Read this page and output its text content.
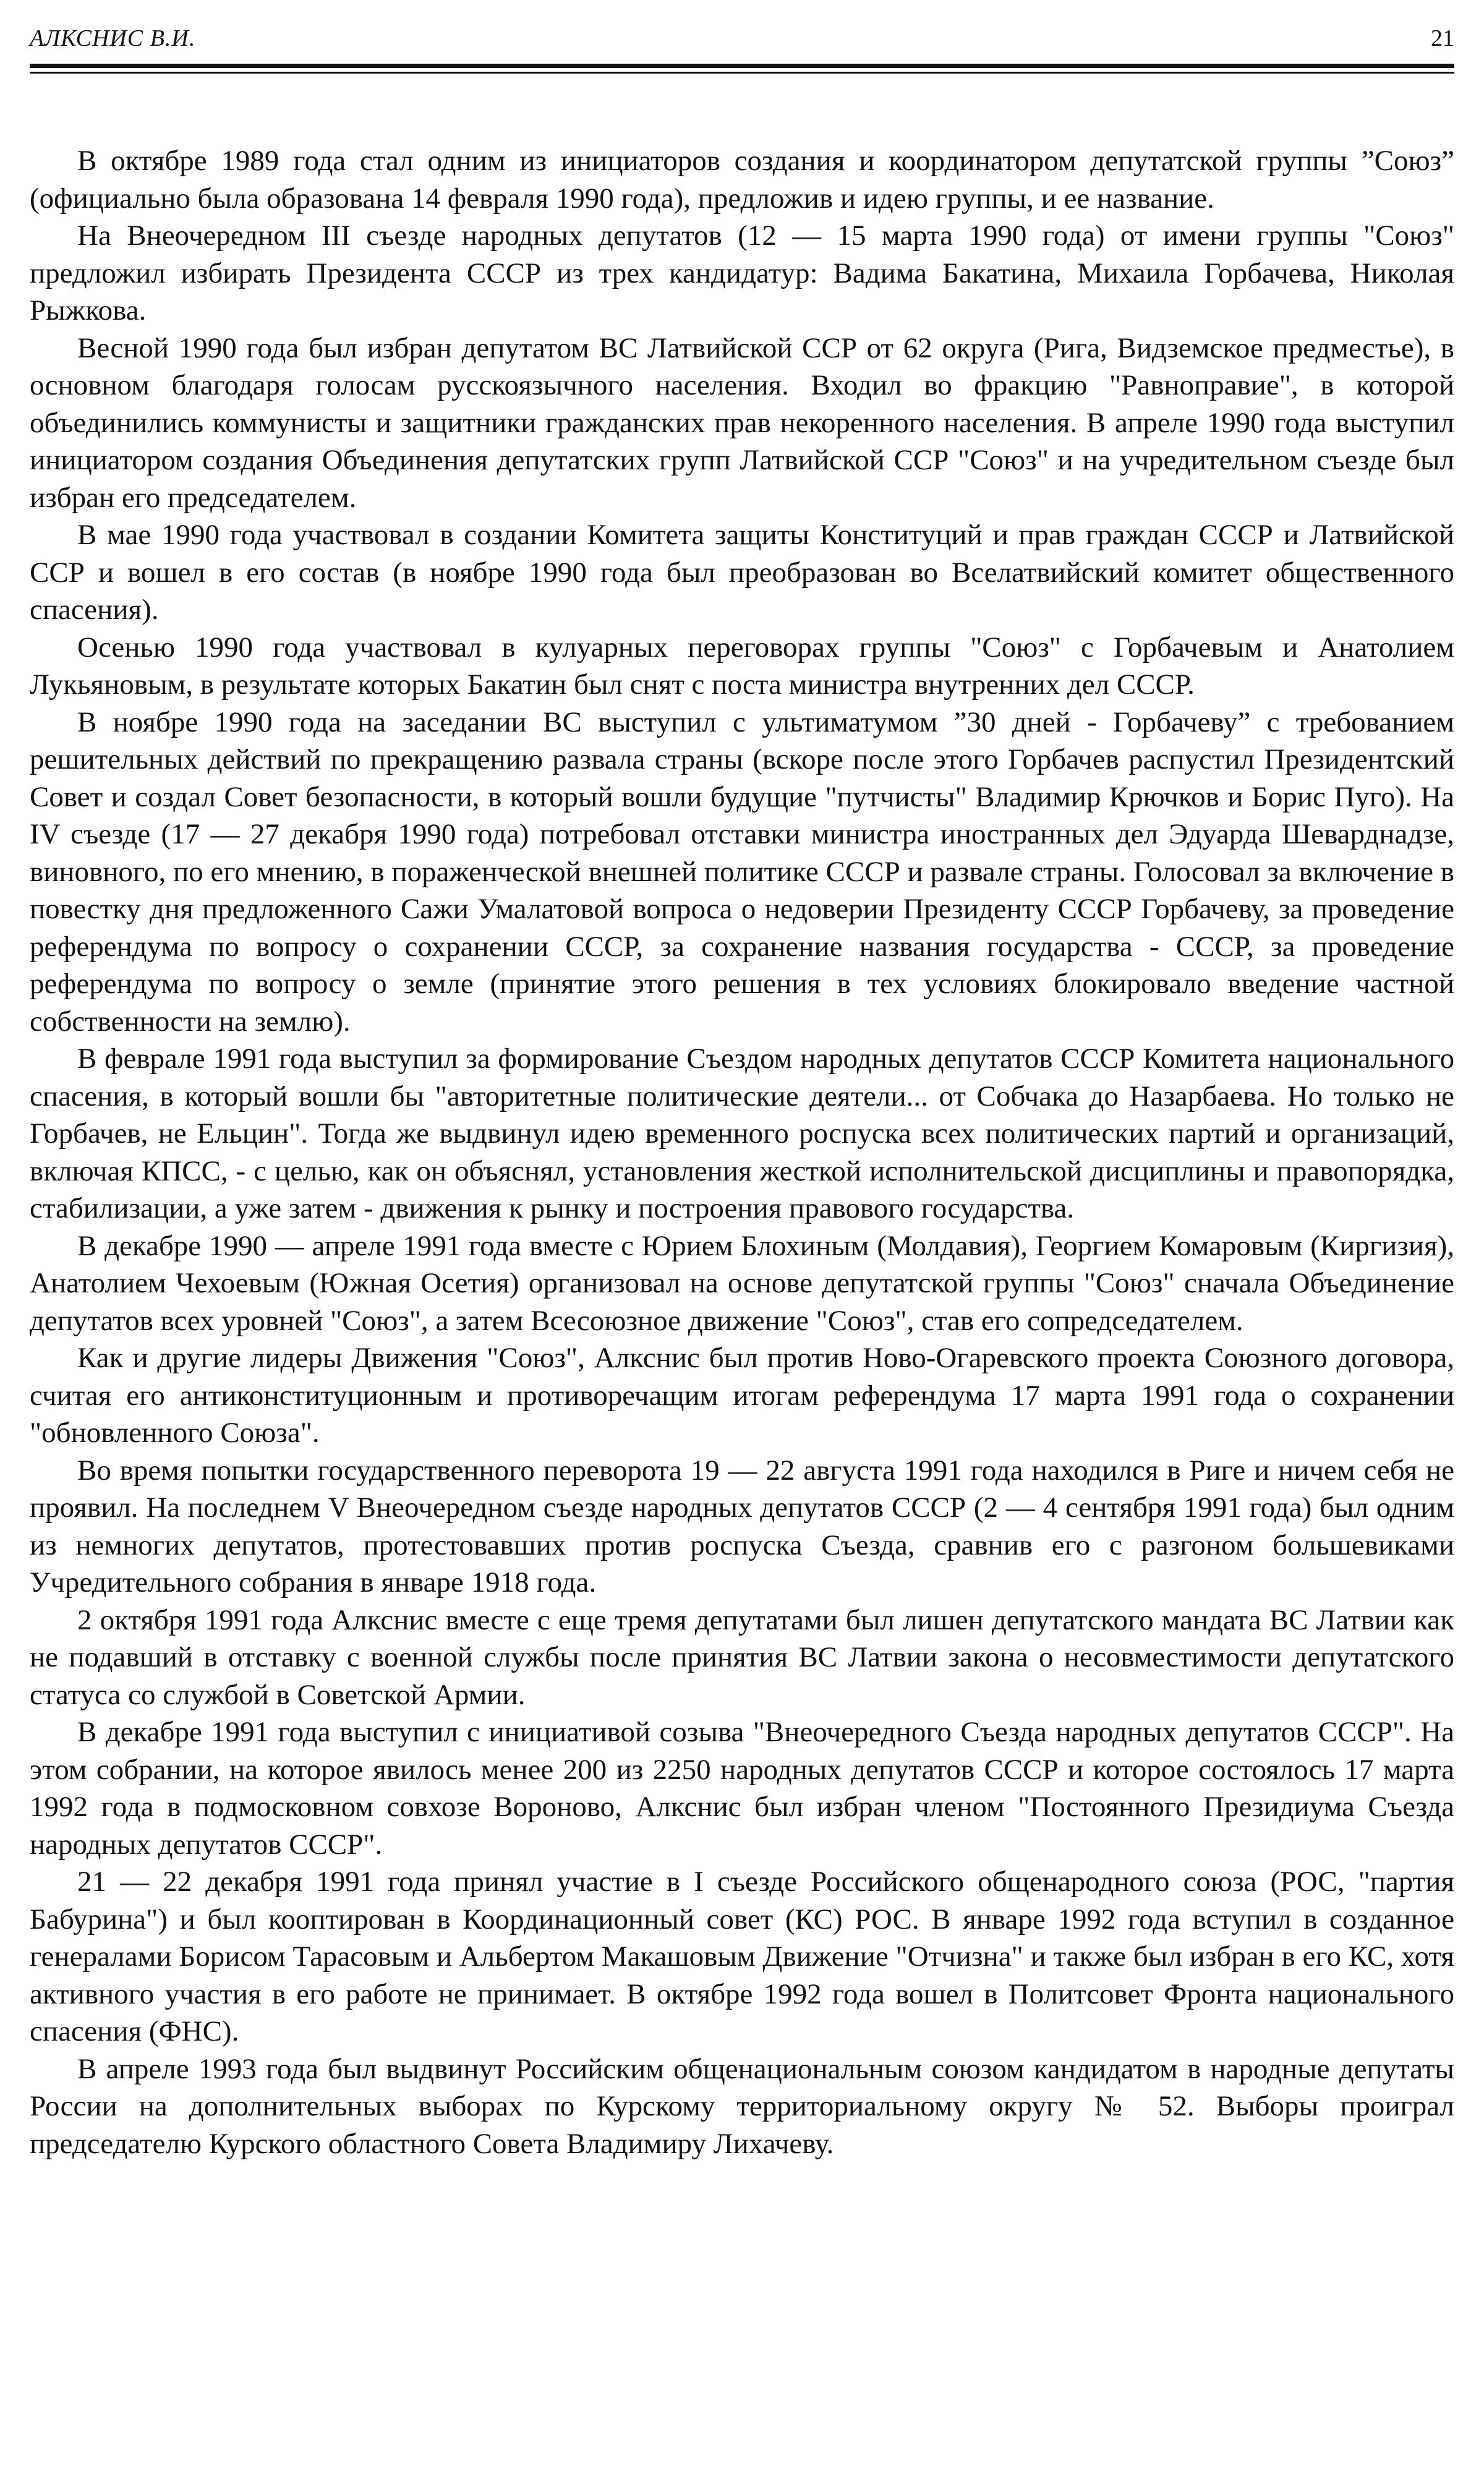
АЛКСНИС В.И.	21

В октябре 1989 года стал одним из инициаторов создания и координатором депутатской группы ”Союз” (официально была образована 14 февраля 1990 года), предложив и идею группы, и ее название.

На Внеочередном III съезде народных депутатов (12 — 15 марта 1990 года) от имени группы "Союз" предложил избирать Президента СССР из трех кандидатур: Вадима Бакатина, Михаила Горбачева, Николая Рыжкова.

Весной 1990 года был избран депутатом ВС Латвийской ССР от 62 округа (Рига, Видземское предместье), в основном благодаря голосам русскоязычного населения. Входил во фракцию "Равноправие", в которой объединились коммунисты и защитники гражданских прав некоренного населения. В апреле 1990 года выступил инициатором создания Объединения депутатских групп Латвийской ССР "Союз" и на учредительном съезде был избран его председателем.

В мае 1990 года участвовал в создании Комитета защиты Конституций и прав граждан СССР и Латвийской ССР и вошел в его состав (в ноябре 1990 года был преобразован во Вселатвийский комитет общественного спасения).

Осенью 1990 года участвовал в кулуарных переговорах группы "Союз" с Горбачевым и Анатолием Лукьяновым, в результате которых Бакатин был снят с поста министра внутренних дел СССР.

В ноябре 1990 года на заседании ВС выступил с ультиматумом ”30 дней - Горбачеву” с требованием решительных действий по прекращению развала страны (вскоре после этого Горбачев распустил Президентский Совет и создал Совет безопасности, в который вошли будущие "путчисты" Владимир Крючков и Борис Пуго). На IV съезде (17 — 27 декабря 1990 года) потребовал отставки министра иностранных дел Эдуарда Шеварднадзе, виновного, по его мнению, в пораженческой внешней политике СССР и развале страны. Голосовал за включение в повестку дня предложенного Сажи Умалатовой вопроса о недоверии Президенту СССР Горбачеву, за проведение референдума по вопросу о сохранении СССР, за сохранение названия государства - СССР, за проведение референдума по вопросу о земле (принятие этого решения в тех условиях блокировало введение частной собственности на землю).

В феврале 1991 года выступил за формирование Съездом народных депутатов СССР Комитета национального спасения, в который вошли бы "авторитетные политические деятели... от Собчака до Назарбаева. Но только не Горбачев, не Ельцин". Тогда же выдвинул идею временного роспуска всех политических партий и организаций, включая КПСС, - с целью, как он объяснял, установления жесткой исполнительской дисциплины и правопорядка, стабилизации, а уже затем - движения к рынку и построения правового государства.

В декабре 1990 — апреле 1991 года вместе с Юрием Блохиным (Молдавия), Георгием Комаровым (Киргизия), Анатолием Чехоевым (Южная Осетия) организовал на основе депутатской группы "Союз" сначала Объединение депутатов всех уровней "Союз", а затем Всесоюзное движение "Союз", став его сопредседателем.

Как и другие лидеры Движения "Союз", Алкснис был против Ново-Огаревского проекта Союзного договора, считая его антиконституционным и противоречащим итогам референдума 17 марта 1991 года о сохранении "обновленного Союза".

Во время попытки государственного переворота 19 — 22 августа 1991 года находился в Риге и ничем себя не проявил. На последнем V Внеочередном съезде народных депутатов СССР (2 — 4 сентября 1991 года) был одним из немногих депутатов, протестовавших против роспуска Съезда, сравнив его с разгоном большевиками Учредительного собрания в январе 1918 года.

2 октября 1991 года Алкснис вместе с еще тремя депутатами был лишен депутатского мандата ВС Латвии как не подавший в отставку с военной службы после принятия ВС Латвии закона о несовместимости депутатского статуса со службой в Советской Армии.

В декабре 1991 года выступил с инициативой созыва "Внеочередного Съезда народных депутатов СССР". На этом собрании, на которое явилось менее 200 из 2250 народных депутатов СССР и которое состоялось 17 марта 1992 года в подмосковном совхозе Вороново, Алкснис был избран членом "Постоянного Президиума Съезда народных депутатов СССР".

21 — 22 декабря 1991 года принял участие в I съезде Российского общенародного союза (РОС, "партия Бабурина") и был кооптирован в Координационный совет (КС) РОС. В январе 1992 года вступил в созданное генералами Борисом Тарасовым и Альбертом Макашовым Движение "Отчизна" и также был избран в его КС, хотя активного участия в его работе не принимает. В октябре 1992 года вошел в Политсовет Фронта национального спасения (ФНС).

В апреле 1993 года был выдвинут Российским общенациональным союзом кандидатом в народные депутаты России на дополнительных выборах по Курскому территориальному округу № 52. Выборы проиграл председателю Курского областного Совета Владимиру Лихачеву.
